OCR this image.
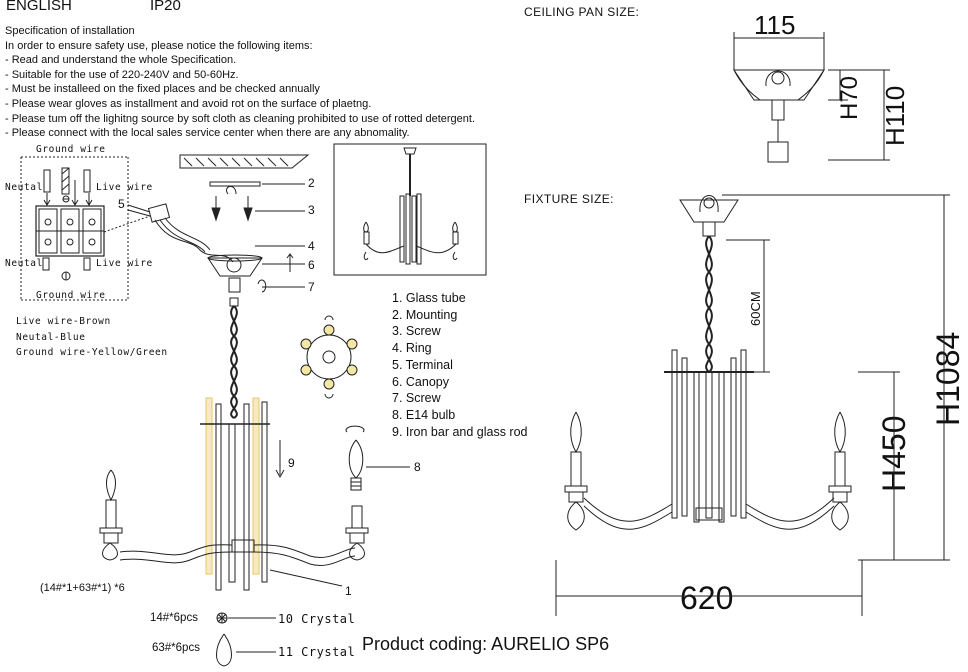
ENGLISH	IP20
Specification of installation
In order to ensure safety use, please notice the following items:
- Read and understand the whole Specification.
- Suitable for the use of 220-240V and 50-60Hz.
- Must be installeed on the fixed places and be checked annually
- Please wear gloves as installment and avoid rot on the surface of plaetng.
- Please tum off the lighitng source by soft cloth as cleaning prohibited to use of rotted detergent.
- Please connect with the local sales service center when there are any abnomality.
CEILING PAN SIZE:
FIXTURE SIZE:
Ground wire
Neutal	Live wire
Neutal	Live wire
Ground wire
Live wire-Brown
Neutal-Blue
Ground wire-Yellow/Green
1. Glass tube
2. Mounting
3. Screw
4. Ring
5. Terminal
6. Canopy
7. Screw
8. E14 bulb
9. Iron bar and glass rod
(14#*1+63#*1) *6
14#*6pcs	10 Crystal
63#*6pcs	11 Crystal Product coding: AURELIO SP6
115
H70 H110
60CM
H450
H1084
620
2
3
4
6
7
5
9	8
1
